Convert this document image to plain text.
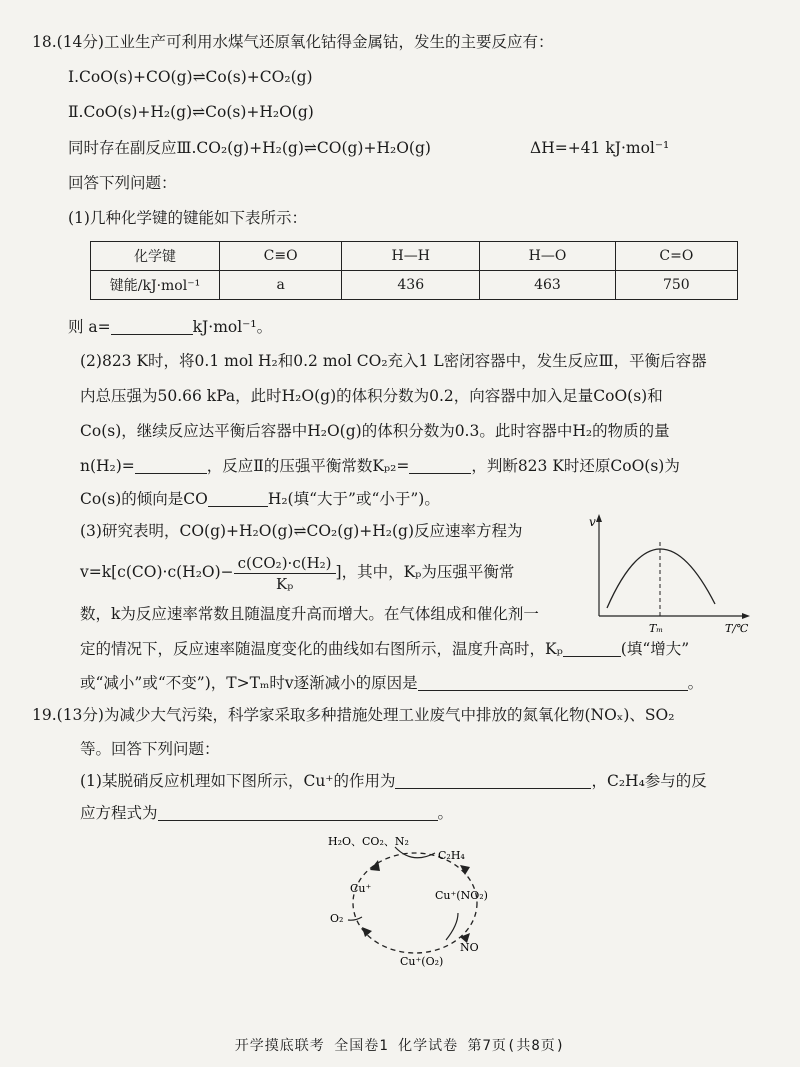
18.(14分)工业生产可利用水煤气还原氧化钴得金属钴，发生的主要反应有：
Ⅰ.CoO(s)+CO(g)⇌Co(s)+CO₂(g)
Ⅱ.CoO(s)+H₂(g)⇌Co(s)+H₂O(g)
同时存在副反应Ⅲ.CO₂(g)+H₂(g)⇌CO(g)+H₂O(g)	ΔH=+41 kJ·mol⁻¹
回答下列问题：
(1)几种化学键的键能如下表所示：
化学键	C≡O	H—H	H—O	C=O
键能/kJ·mol⁻¹	a	436	463	750
则 a=	kJ·mol⁻¹。
(2)823 K时，将0.1 mol H₂和0.2 mol CO₂充入1 L密闭容器中，发生反应Ⅲ，平衡后容器
内总压强为50.66 kPa，此时H₂O(g)的体积分数为0.2，向容器中加入足量CoO(s)和
Co(s)，继续反应达平衡后容器中H₂O(g)的体积分数为0.3。此时容器中H₂的物质的量
n(H₂)=	，反应Ⅱ的压强平衡常数Kₚ₂=	，判断823 K时还原CoO(s)为
Co(s)的倾向是CO	H₂(填“大于”或“小于”)。
(3)研究表明，CO(g)+H₂O(g)⇌CO₂(g)+H₂(g)反应速率方程为
$v=k[c(CO)\cdot c(H_2O)- \frac{\text{c(CO₂)·c(H₂)}}{\text{Kₚ}}$ ]，其中，Kₚ为压强平衡常
数，k为反应速率常数且随温度升高而增大。在气体组成和催化剂一
定的情况下，反应速率随温度变化的曲线如右图所示，温度升高时，Kₚ	(填“增大”
或“减小”或“不变”)，T>Tₘ时v逐渐减小的原因是	。
v
Tₘ	T/℃
19.(13分)为减少大气污染，科学家采取多种措施处理工业废气中排放的氮氧化物(NOₓ)、SO₂
等。回答下列问题：
(1)某脱硝反应机理如下图所示，Cu⁺的作用为	，C₂H₄参与的反
应方程式为	。
H₂O、CO₂、N₂
C₂H₄
Cu⁺
Cu⁺(NO₂)
O₂
NO
Cu⁺(O₂)
开学摸底联考 全国卷1 化学试卷 第7页(共8页)
